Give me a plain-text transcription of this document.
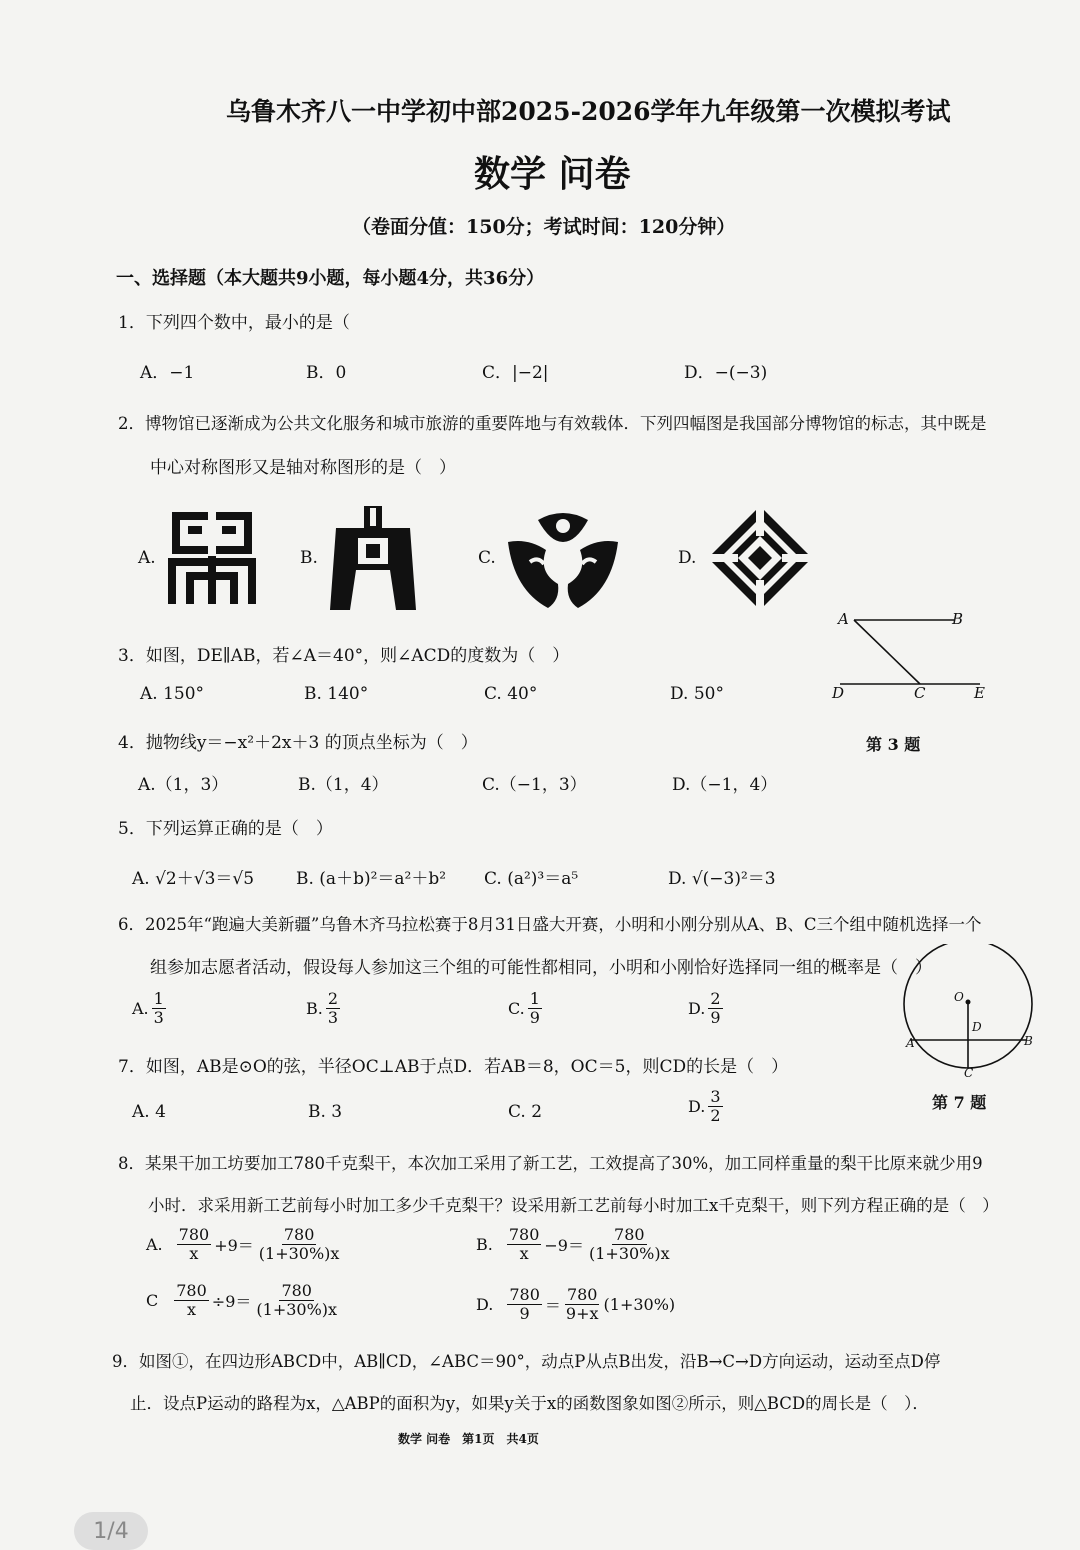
乌鲁木齐八一中学初中部2025-2026学年九年级第一次模拟考试
数学 问卷
（卷面分值：150分；考试时间：120分钟）
一、选择题（本大题共9小题，每小题4分，共36分）
1．下列四个数中，最小的是（
A．−1	B．0	C．|−2|	D．−(−3)
2．博物馆已逐渐成为公共文化服务和城市旅游的重要阵地与有效载体．下列四幅图是我国部分博物馆的标志，其中既是
中心对称图形又是轴对称图形的是（　）
A.	B.	C.	D.
3．如图，DE∥AB，若∠A＝40°，则∠ACD的度数为（　）
A. 150°	B. 140°	C. 40°	D. 50°
A	B
D	C	E
第 3 题
4．抛物线y＝−x²＋2x＋3 的顶点坐标为（　）
A.（1，3）	B.（1，4）	C.（−1，3）	D.（−1，4）
5．下列运算正确的是（　）
A. √2＋√3＝√5 B. (a＋b)²＝a²＋b² C. (a²)³＝a⁵	D. √(−3)²＝3
6．2025年“跑遍大美新疆”乌鲁木齐马拉松赛于8月31日盛大开赛，小明和小刚分别从A、B、C三个组中随机选择一个
组参加志愿者活动，假设每人参加这三个组的可能性都相同，小明和小刚恰好选择同一组的概率是（　）
A. $\frac{1}{3}$	B. $\frac{2}{3}$	C. $\frac{1}{9}$	D. $\frac{2}{9}$	O
D
A	B
C
第 7 题
7．如图，AB是⊙O的弦，半径OC⊥AB于点D．若AB＝8，OC＝5，则CD的长是（　）
A. 4	B. 3	C. 2	D. $\frac{3}{2}$
8．某果干加工坊要加工780千克梨干，本次加工采用了新工艺，工效提高了30%，加工同样重量的梨干比原来就少用9
小时．求采用新工艺前每小时加工多少千克梨干？设采用新工艺前每小时加工x千克梨干，则下列方程正确的是（　）
A. $\frac{780}{x} +9= \frac{780}{(1+30\%)x}$	B. $\frac{780}{x} -9= \frac{780}{(1+30\%)x}$
C $\frac{780}{x} \div 9= \frac{780}{(1+30\%)x}$	D. $\frac{780}{9} = \frac{780}{9+x} (1+30\%)$
9．如图①，在四边形ABCD中，AB∥CD，∠ABC＝90°，动点P从点B出发，沿B→C→D方向运动，运动至点D停
止．设点P运动的路程为x，△ABP的面积为y，如果y关于x的函数图象如图②所示，则△BCD的周长是（　）．
数学 问卷　第1页　共4页
1/4
